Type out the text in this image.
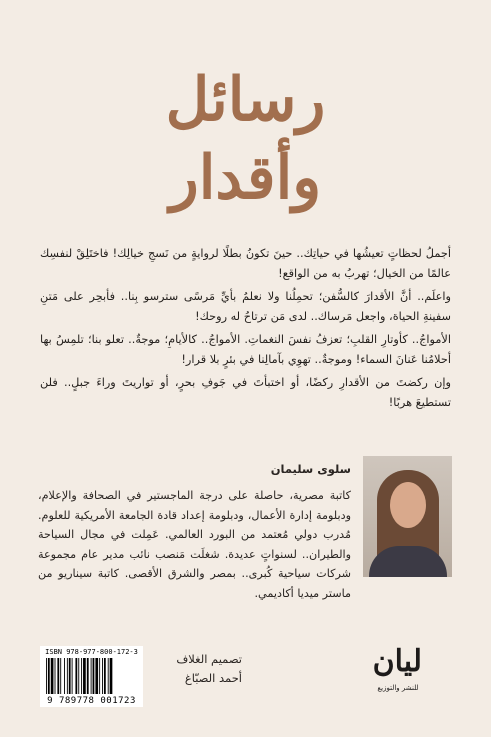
رسائل
وأقدار

أجملُ لحظاتٍ تعيشُها في حياتِك.. حينَ تكونُ بطلًا لروايةٍ من نَسجِ خيالِك! فاختَلِقْ لنفسِك عالمًا من الخيال؛ تهربُ به من الواقع!

واعلَم.. أنَّ الأقدارَ كالسُّفن؛ تحمِلُنا ولا نعلمُ بأيِّ مَرسًى سترسو بِنا.. فأبحِر على مَتنِ سفينةِ الحياة، واجعل مَرساك.. لدى مَن ترتاحُ له روحك!

الأمواجُ.. كأوتارِ القلبِ؛ تعزفُ نفسَ النغماتِ. الأمواجُ.. كالأيامِ؛ موجةٌ.. تعلو بنا؛ تلمِسُ بها أحلامُنا عَنانَ السماء! وموجةٌ.. تهوِي بآمالِنا في بئرٍ بلا قرار!

وإن ركضتَ من الأقدارِ ركضًا، أو اختبأتَ في جَوفِ بحرٍ، أو تواريتَ وراءَ جبلٍ.. فلن تستطيعَ هربًا!

سلوى سليمان
كاتبة مصرية، حاصلة على درجة الماجستير في الصحافة والإعلام، ودبلومة إدارة الأعمال، ودبلومة إعداد قادة الجامعة الأمريكية للعلوم. مُدرب دولي مُعتمد من البورد العالمي. عَمِلت في مجال السياحة والطيران.. لسنواتٍ عديدة. شغلَت مَنصب نائب مدير عام مجموعة شركات سياحية كُبرى.. بمصر والشرق الأقصى. كاتبة سيناريو من ماستر ميديا أكاديمي.
ISBN 978-977-800-172-3
9 789778 001723
تصميم الغلاف
أحمد الصبّاغ	ليان
للنشر والتوزيع
